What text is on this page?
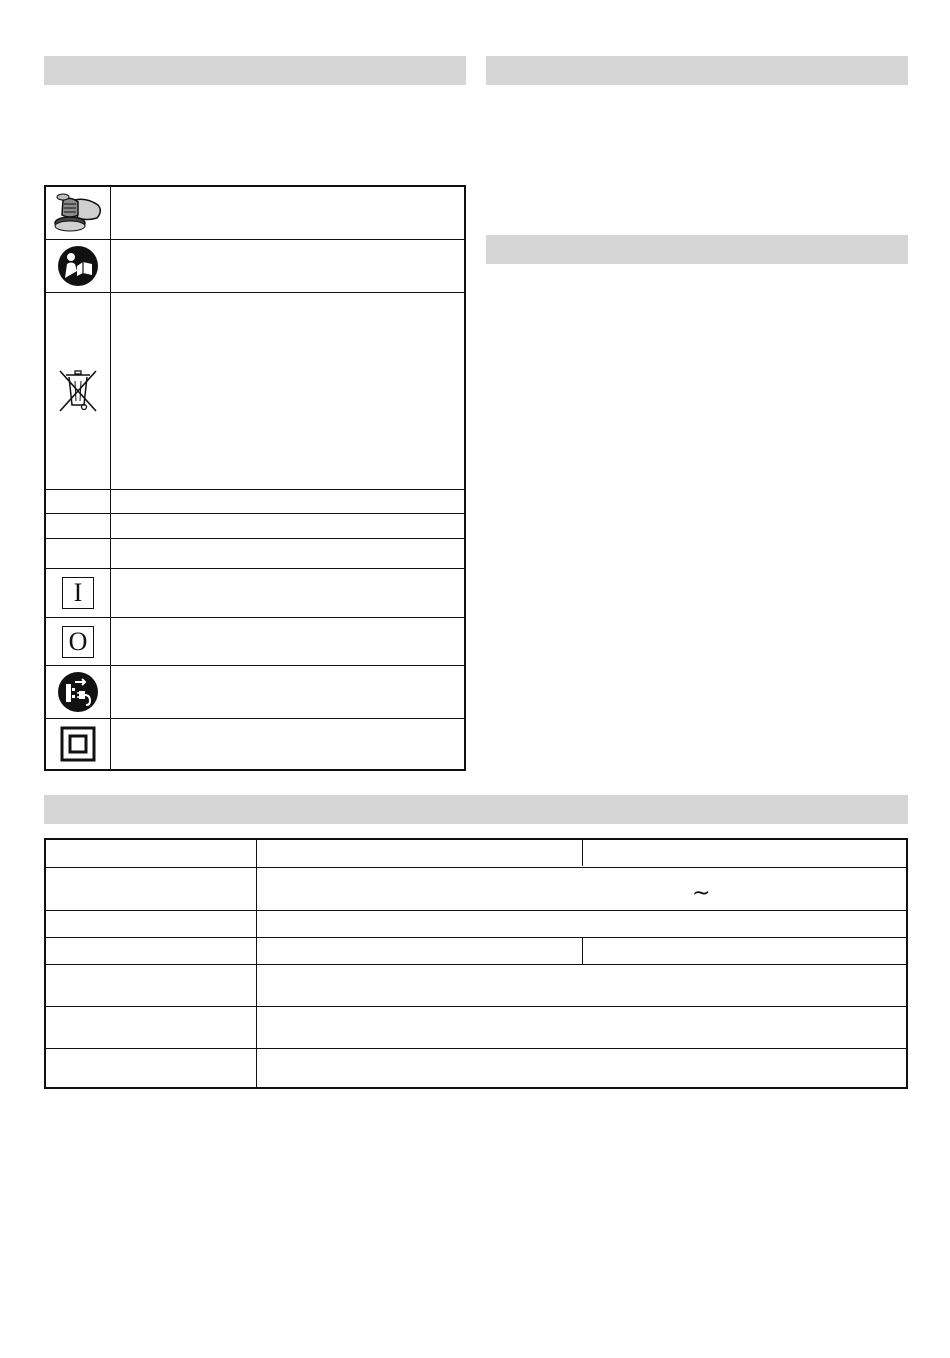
I
O
~
